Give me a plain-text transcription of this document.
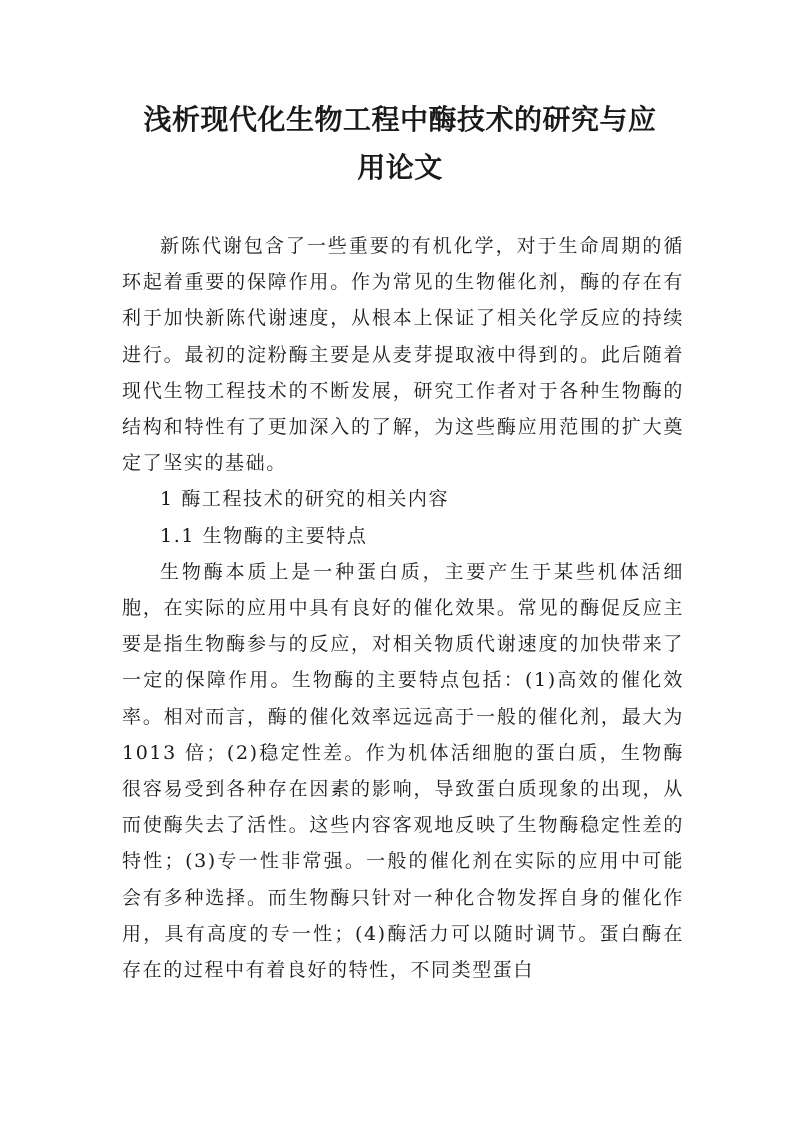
浅析现代化生物工程中酶技术的研究与应
用论文

新陈代谢包含了一些重要的有机化学，对于生命周期的循环起着重要的保障作用。作为常见的生物催化剂，酶的存在有利于加快新陈代谢速度，从根本上保证了相关化学反应的持续进行。最初的淀粉酶主要是从麦芽提取液中得到的。此后随着现代生物工程技术的不断发展，研究工作者对于各种生物酶的结构和特性有了更加深入的了解，为这些酶应用范围的扩大奠定了坚实的基础。

1 酶工程技术的研究的相关内容

1.1 生物酶的主要特点

生物酶本质上是一种蛋白质，主要产生于某些机体活细胞，在实际的应用中具有良好的催化效果。常见的酶促反应主要是指生物酶参与的反应，对相关物质代谢速度的加快带来了一定的保障作用。生物酶的主要特点包括：(1)高效的催化效率。相对而言，酶的催化效率远远高于一般的催化剂，最大为 1013 倍；(2)稳定性差。作为机体活细胞的蛋白质，生物酶很容易受到各种存在因素的影响，导致蛋白质现象的出现，从而使酶失去了活性。这些内容客观地反映了生物酶稳定性差的特性；(3)专一性非常强。一般的催化剂在实际的应用中可能会有多种选择。而生物酶只针对一种化合物发挥自身的催化作用，具有高度的专一性；(4)酶活力可以随时调节。蛋白酶在存在的过程中有着良好的特性，不同类型蛋白
